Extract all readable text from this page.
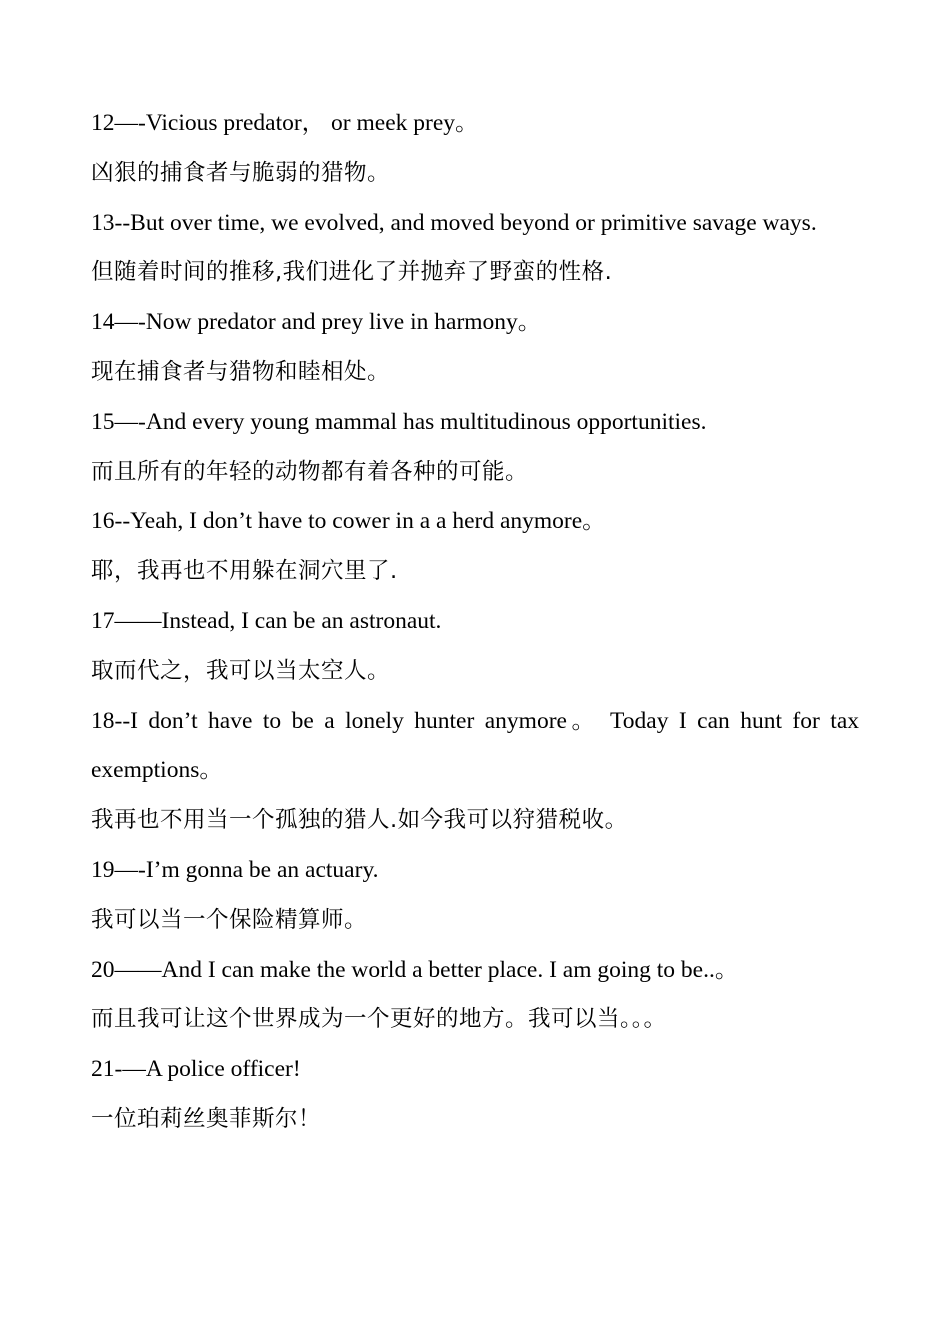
12—-Vicious predator， or meek prey。

凶狠的捕食者与脆弱的猎物。

13--But over time, we evolved, and moved beyond or primitive savage ways.

但随着时间的推移,我们进化了并抛弃了野蛮的性格.

14—-Now predator and prey live in harmony。

现在捕食者与猎物和睦相处。

15—-And every young mammal has multitudinous opportunities.

而且所有的年轻的动物都有着各种的可能。

16--Yeah, I don’t have to cower in a a herd anymore。

耶，我再也不用躲在洞穴里了.

17——Instead, I can be an astronaut.

取而代之，我可以当太空人。

18--I don’t have to be a lonely hunter anymore。 Today I can hunt for tax exemptions。

我再也不用当一个孤独的猎人.如今我可以狩猎税收。

19—-I’m gonna be an actuary.

我可以当一个保险精算师。

20——And I can make the world a better place. I am going to be..。

而且我可让这个世界成为一个更好的地方。我可以当。。。

21-—A police officer!

一位珀莉丝奥菲斯尔！
